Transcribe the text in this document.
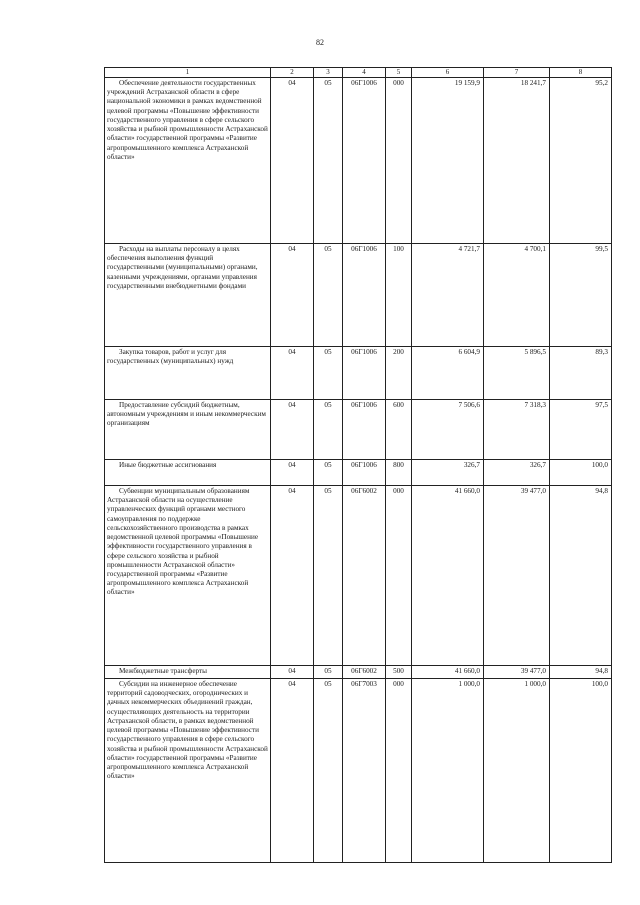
82
1	2	3	4	5	6	7	8
Обеспечение деятельности государственных учреждений Астраханской области в сфере национальной экономики в рамках ведомственной целевой программы «Повышение эффективности государственного управления в сфере сельского хозяйства и рыбной промышленности Астраханской области» государственной программы «Развитие агропромышленного комплекса Астраханской области»	04	05	06Г1006	000	19 159,9	18 241,7	95,2
Расходы на выплаты персоналу в целях обеспечения выполнения функций государственными (муниципальными) органами, казенными учреждениями, органами управления государственными внебюджетными фондами	04	05	06Г1006	100	4 721,7	4 700,1	99,5
Закупка товаров, работ и услуг для государственных (муниципальных) нужд	04	05	06Г1006	200	6 604,9	5 896,5	89,3
Предоставление субсидий бюджетным, автономным учреждениям и иным некоммерческим организациям	04	05	06Г1006	600	7 506,6	7 318,3	97,5
Иные бюджетные ассигнования	04	05	06Г1006	800	326,7	326,7	100,0
Субвенции муниципальным образованиям Астраханской области на осуществление управленческих функций органами местного самоуправления по поддержке сельскохозяйственного производства в рамках ведомственной целевой программы «Повышение эффективности государственного управления в сфере сельского хозяйства и рыбной промышленности Астраханской области» государственной программы «Развитие агропромышленного комплекса Астраханской области»	04	05	06Г6002	000	41 660,0	39 477,0	94,8
Межбюджетные трансферты	04	05	06Г6002	500	41 660,0	39 477,0	94,8
Субсидии на инженерное обеспечение территорий садоводческих, огороднических и дачных некоммерческих объединений граждан, осуществляющих деятельность на территории Астраханской области, в рамках ведомственной целевой программы «Повышение эффективности государственного управления в сфере сельского хозяйства и рыбной промышленности Астраханской области» государственной программы «Развитие агропромышленного комплекса Астраханской области»	04	05	06Г7003	000	1 000,0	1 000,0	100,0
